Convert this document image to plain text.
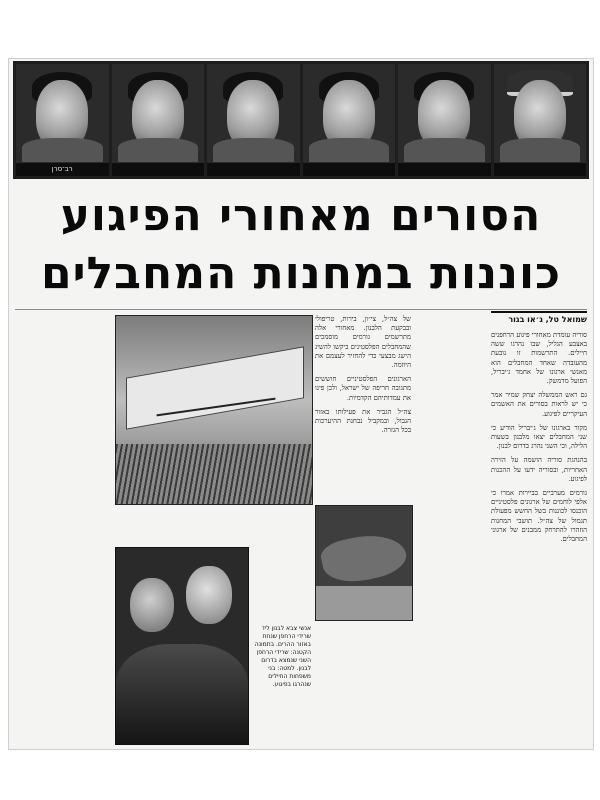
רב־סרן
הסורים מאחורי הפיגוע
כוננות במחנות המחבלים
שמואל טל, ג׳או בגור

סוריה עומדת מאחורי פיגוע הרחפנים באצבע הגליל, שבו נהרגו ששה חיילים. התרשמות זו נובעת מהעובדה שאחד המחבלים הוא מאנשי ארגונו של אחמד ג׳יבריל, הפועל מדמשק.

גם ראש הממשלה יצחק שמיר אמר כי יש לראות בסורים את האשמים העיקריים לפיגוע.

מקור בארגונו של ג׳יבריל הודיע כי שני המחבלים יצאו מלבנון בשעות הלילה, וכי השני נהרג בדרום לבנון.

בהנהגת סוריה הושמה על הזירה האחריות, ובסוריה ידעו על ההכנות לפיגוע.

גורמים מערביים בביירות אמרו כי אלפי לוחמים של ארגונים פלסטיניים הוכנסו לכוננות בשל החשש מפעולת תגמול של צה״ל. תושבי המחנות הוזהרו להתרחק ממבנים של ארגוני המחבלים.

של צה״ל, צי״ון, בירות, טריפולי ובבקעת הלבנון. מאחורי אלה מתרשמים גורמים מוסמכים שהמחבלים הפלסטינים ביקשו להשיג הישג מבצעי כדי להחזיר לעצמם את היוזמה.

הארגונים הפלסטיניים חוששים מתגובה חריפה של ישראל, ולכן פינו את עמדותיהם הקדמיות.

צה״ל הגביר את פעילותו באזור הגבול, ובמקביל נבחנת ההיערכות בכל הגזרה.

אנשי צבא לבנון ליד שרידי הרחפן שנחת באזור ההרים. בתמונה הקטנה: שרידי הרחפן השני שנמצא בדרום לבנון. למטה: בני משפחות החיילים שנהרגו בפיגוע.
